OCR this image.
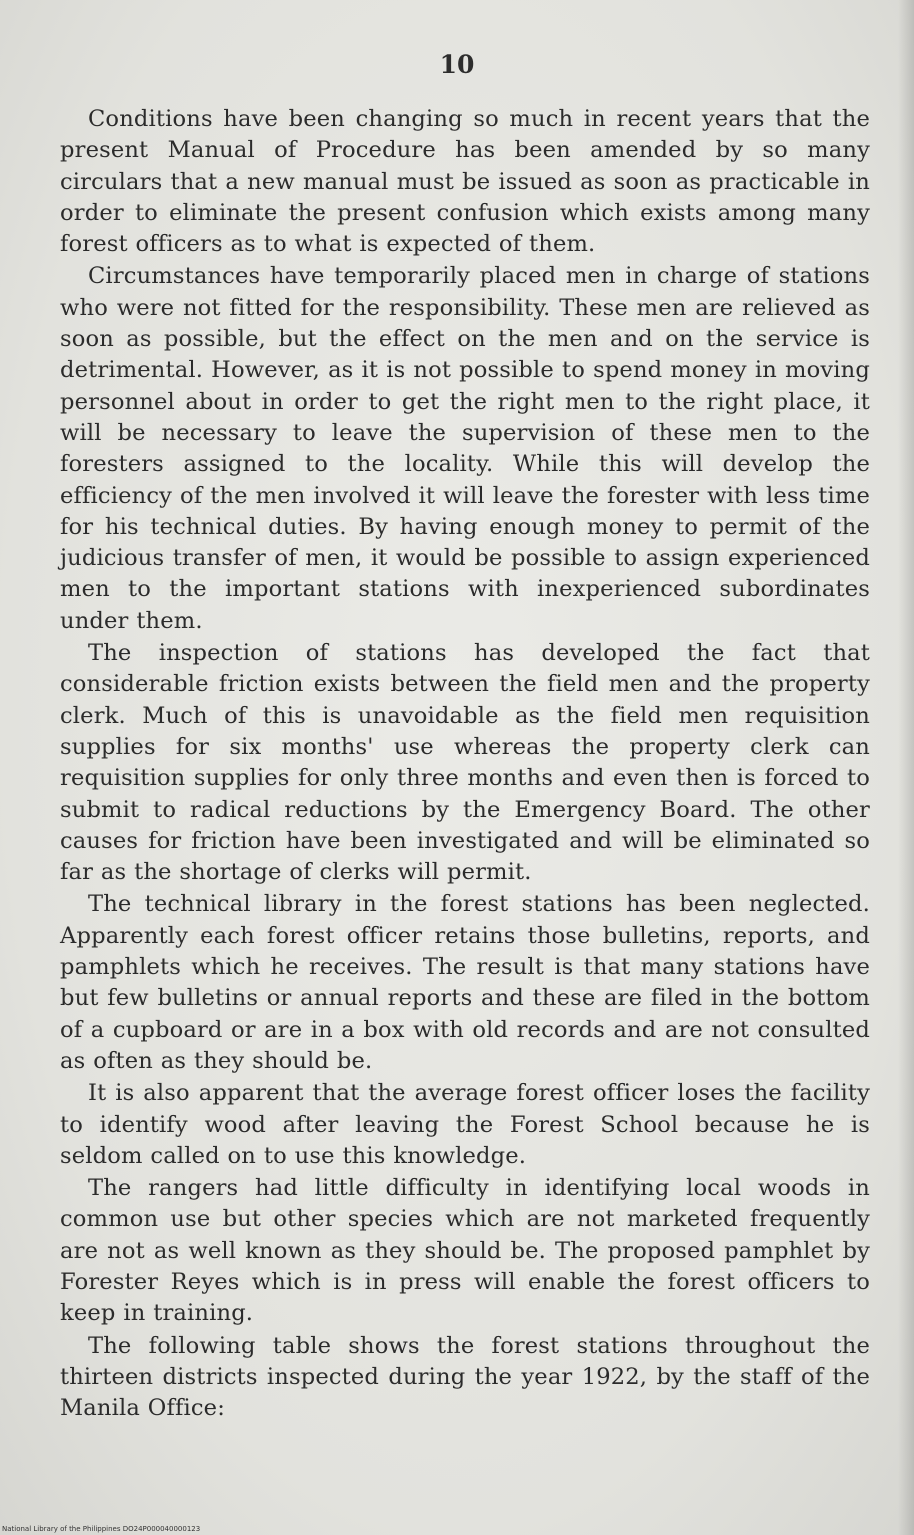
10

Conditions have been changing so much in recent years that the present Manual of Procedure has been amended by so many circulars that a new manual must be issued as soon as practicable in order to eliminate the present confusion which exists among many forest officers as to what is expected of them.

Circumstances have temporarily placed men in charge of stations who were not fitted for the responsibility. These men are relieved as soon as possible, but the effect on the men and on the service is detrimental. However, as it is not possible to spend money in moving personnel about in order to get the right men to the right place, it will be necessary to leave the supervision of these men to the foresters assigned to the locality. While this will develop the efficiency of the men involved it will leave the forester with less time for his technical duties. By having enough money to permit of the judicious transfer of men, it would be possible to assign experienced men to the important stations with inexperienced subordinates under them.

The inspection of stations has developed the fact that considerable friction exists between the field men and the property clerk. Much of this is unavoidable as the field men requisition supplies for six months' use whereas the property clerk can requisition supplies for only three months and even then is forced to submit to radical reductions by the Emergency Board. The other causes for friction have been investigated and will be eliminated so far as the shortage of clerks will permit.

The technical library in the forest stations has been neglected. Apparently each forest officer retains those bulletins, reports, and pamphlets which he receives. The result is that many stations have but few bulletins or annual reports and these are filed in the bottom of a cupboard or are in a box with old records and are not consulted as often as they should be.

It is also apparent that the average forest officer loses the facility to identify wood after leaving the Forest School because he is seldom called on to use this knowledge.

The rangers had little difficulty in identifying local woods in common use but other species which are not marketed frequently are not as well known as they should be. The proposed pamphlet by Forester Reyes which is in press will enable the forest officers to keep in training.

The following table shows the forest stations throughout the thirteen districts inspected during the year 1922, by the staff of the Manila Office:

National Library of the Philippines DO24P000040000123
